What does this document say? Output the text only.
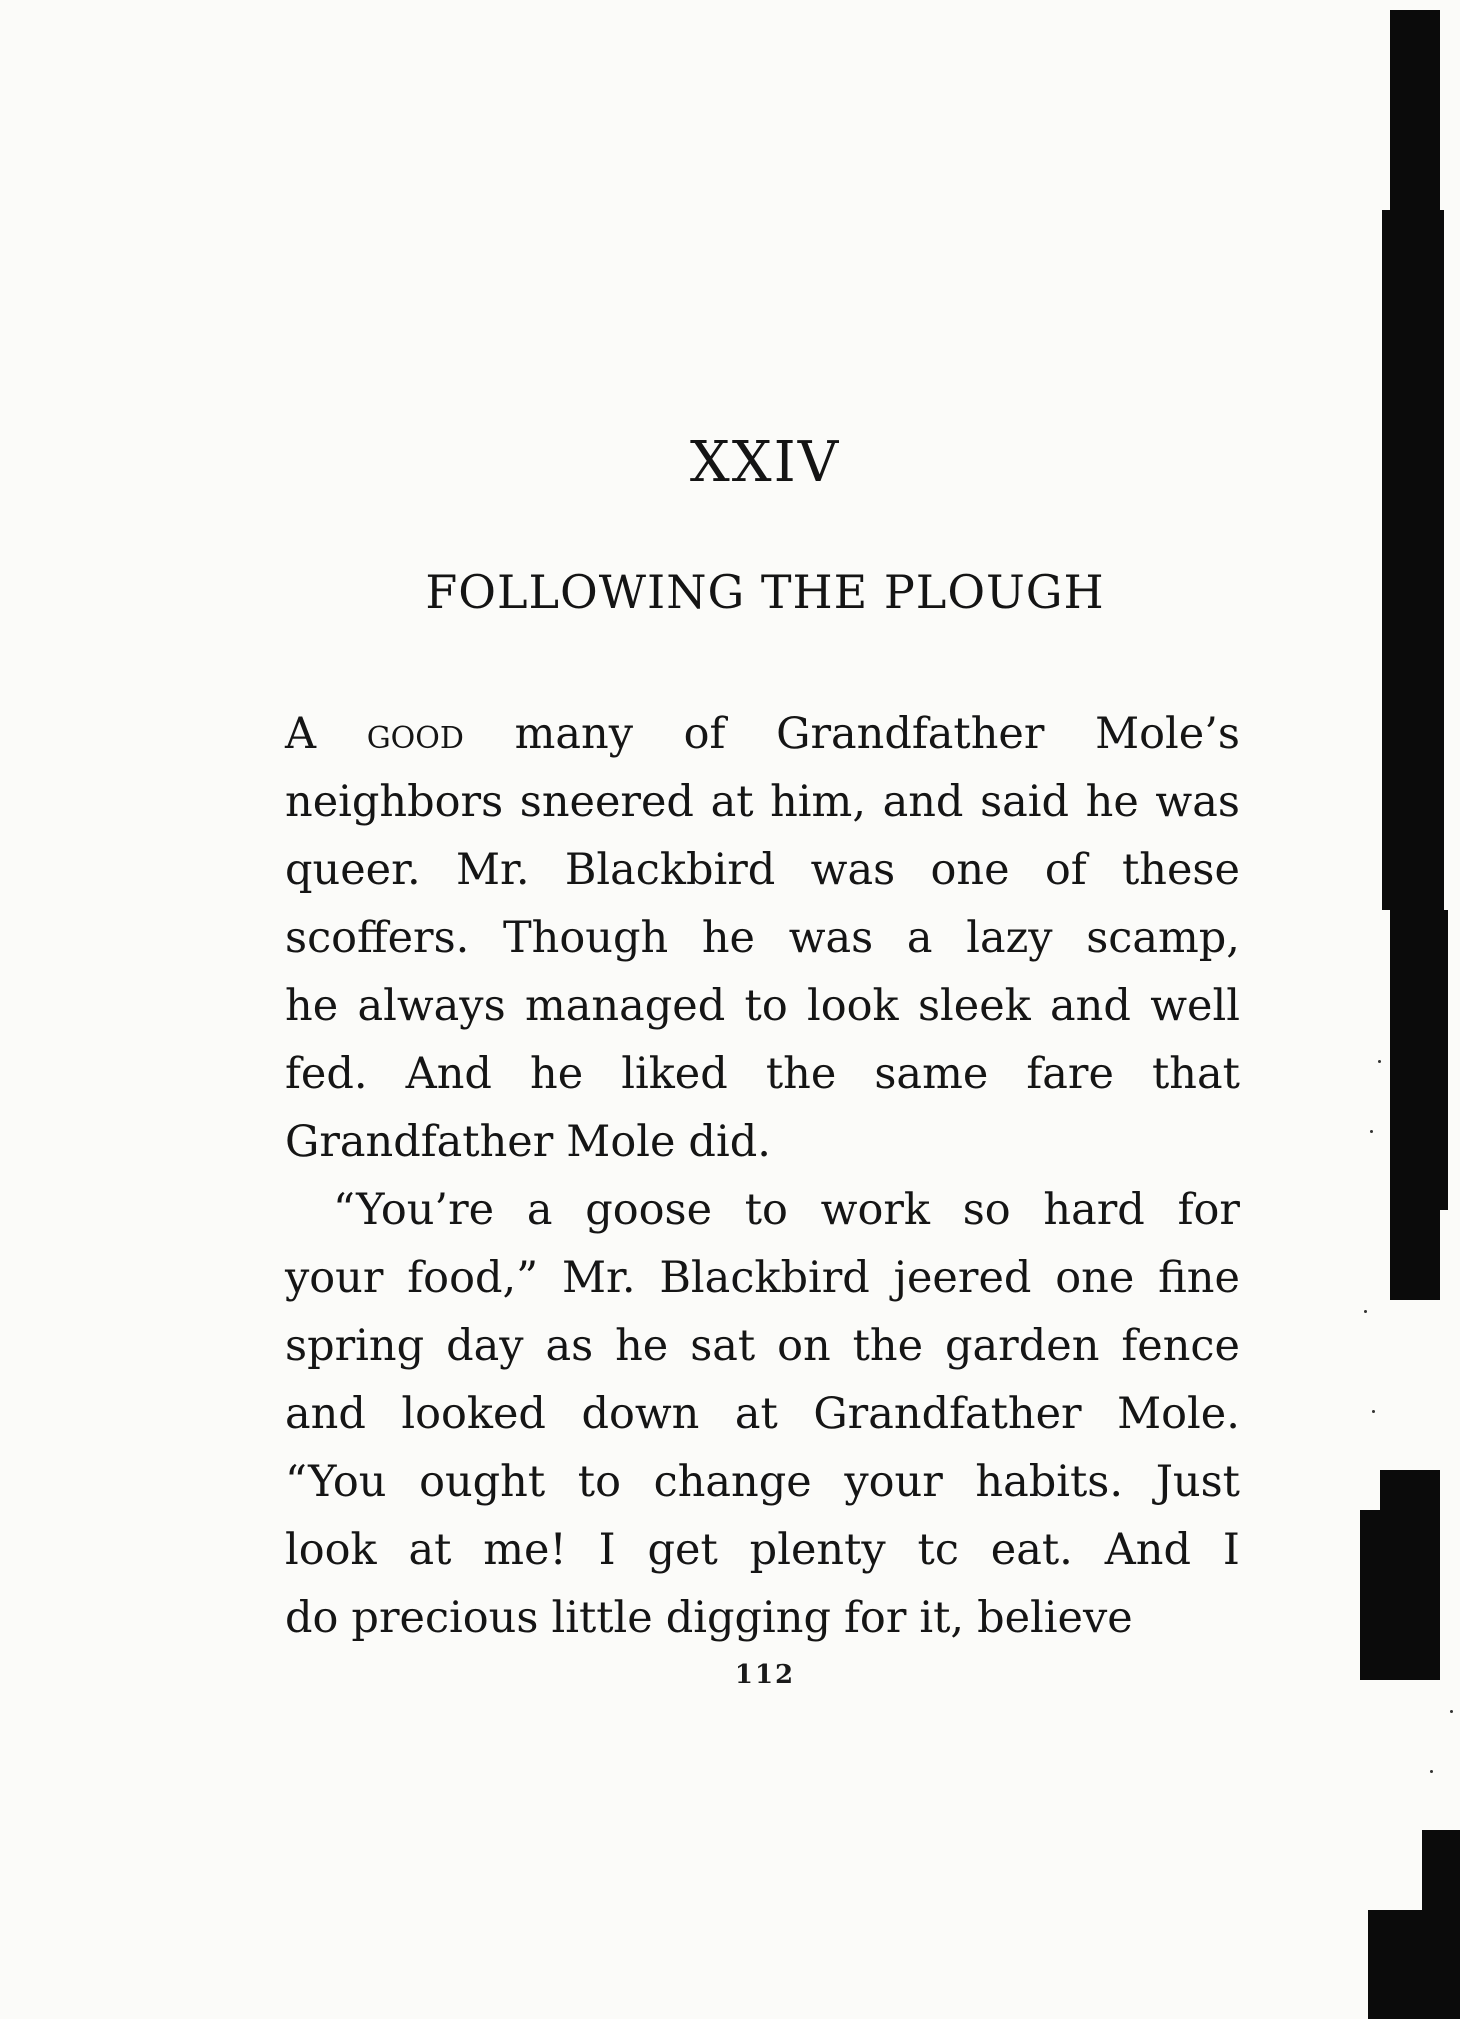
XXIV
FOLLOWING THE PLOUGH
A good many of Grandfather Mole’s
neighbors sneered at him, and said he was
queer. Mr. Blackbird was one of these
scoffers. Though he was a lazy scamp,
he always managed to look sleek and well
fed. And he liked the same fare that
Grandfather Mole did.
“You’re a goose to work so hard for
your food,” Mr. Blackbird jeered one fine
spring day as he sat on the garden fence
and looked down at Grandfather Mole.
“You ought to change your habits. Just
look at me! I get plenty tc eat. And I
do precious little digging for it, believe
112
